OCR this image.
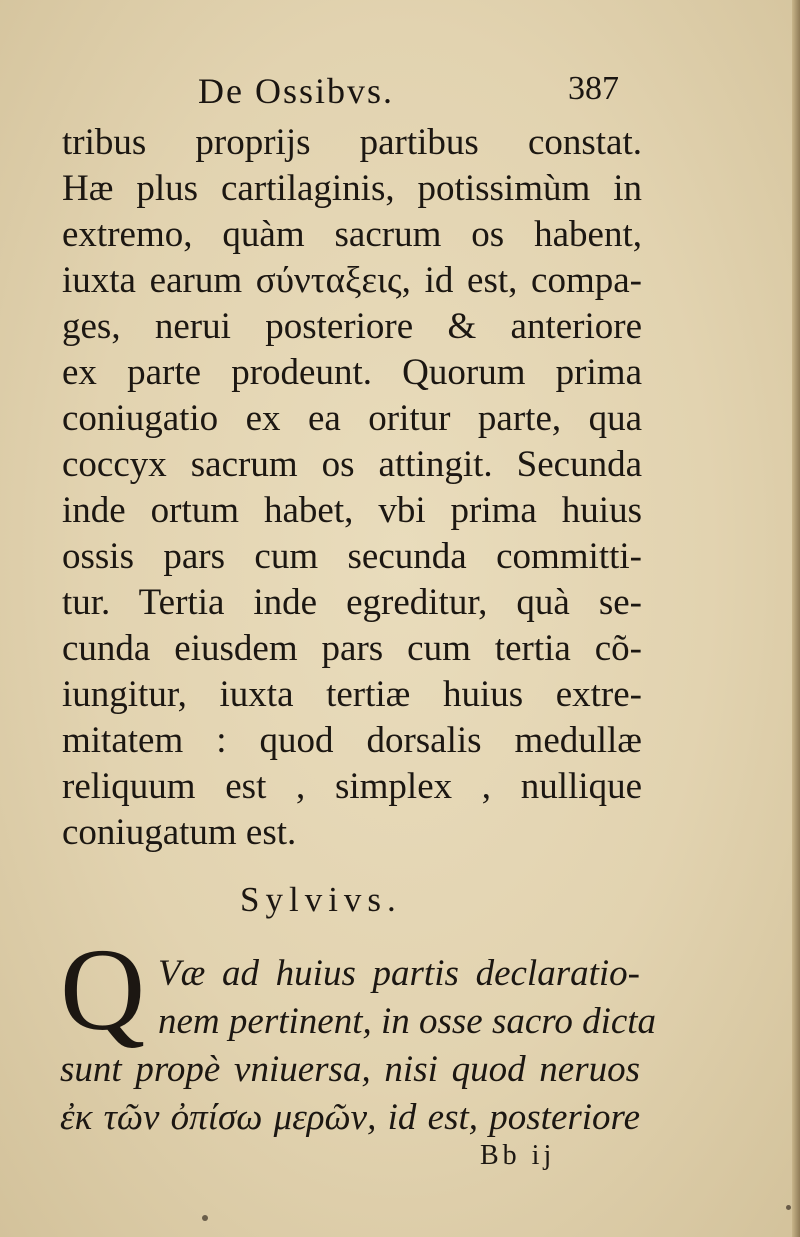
De Ossibvs.	387
tribus proprijs partibus constat.
Hæ plus cartilaginis, potissimùm in
extremo, quàm sacrum os habent,
iuxta earum σύνταξεις, id est, compa-
ges, nerui posteriore & anteriore
ex parte prodeunt. Quorum prima
coniugatio ex ea oritur parte, qua
coccyx sacrum os attingit. Secunda
inde ortum habet, vbi prima huius
ossis pars cum secunda committi-
tur. Tertia inde egreditur, quà se-
cunda eiusdem pars cum tertia cõ-
iungitur, iuxta tertiæ huius extre-
mitatem : quod dorsalis medullæ
reliquum est , simplex , nullique
coniugatum est.
Sylvivs.
Q Væ ad huius partis declaratio-
nem pertinent, in osse sacro dicta
sunt propè vniuersa, nisi quod neruos
ἐκ τῶν ὀπίσω μερῶν, id est, posteriore
Bb ij
